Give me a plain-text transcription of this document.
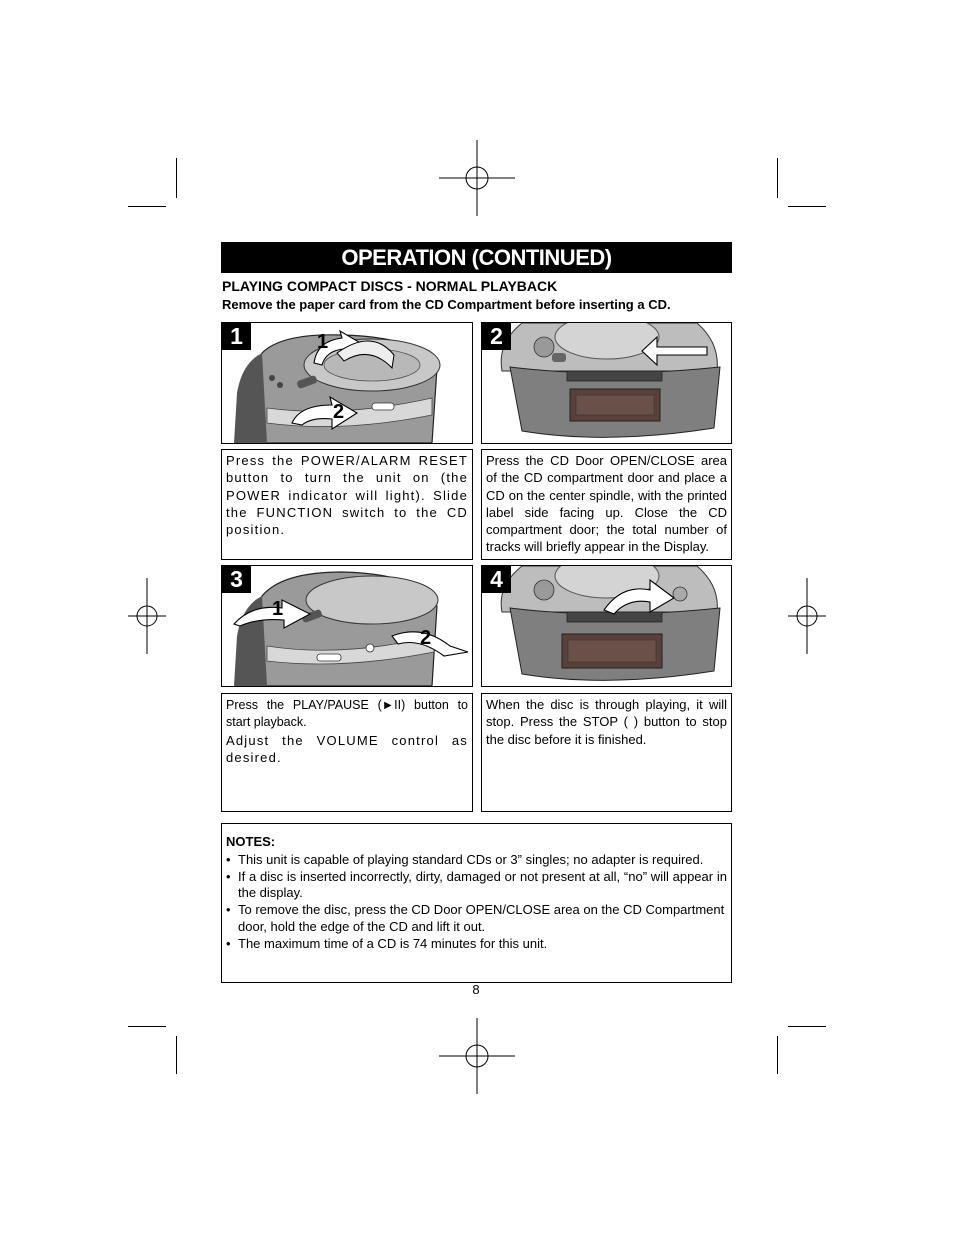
OPERATION (CONTINUED)
PLAYING COMPACT DISCS - NORMAL PLAYBACK
Remove the paper card from the CD Compartment before inserting a CD.
1	1
2
2

Press the POWER/ALARM RESET button to turn the unit on (the POWER indicator will light). Slide the FUNCTION switch to the CD position.

Press the CD Door OPEN/CLOSE area of the CD compartment door and place a CD on the center spindle, with the printed label side facing up. Close the CD compartment door; the total number of tracks will briefly appear in the Display.

3
1
2
4

Press the PLAY/PAUSE (►II) button to start playback.

Adjust the VOLUME control as desired.

When the disc is through playing, it will stop. Press the STOP ( ) button to stop the disc before it is finished.

NOTES:
• This unit is capable of playing standard CDs or 3” singles; no adapter is required.
• If a disc is inserted incorrectly, dirty, damaged or not present at all, “no” will appear in the display.
• To remove the disc, press the CD Door OPEN/CLOSE area on the CD Compartment door, hold the edge of the CD and lift it out.
• The maximum time of a CD is 74 minutes for this unit.
8
